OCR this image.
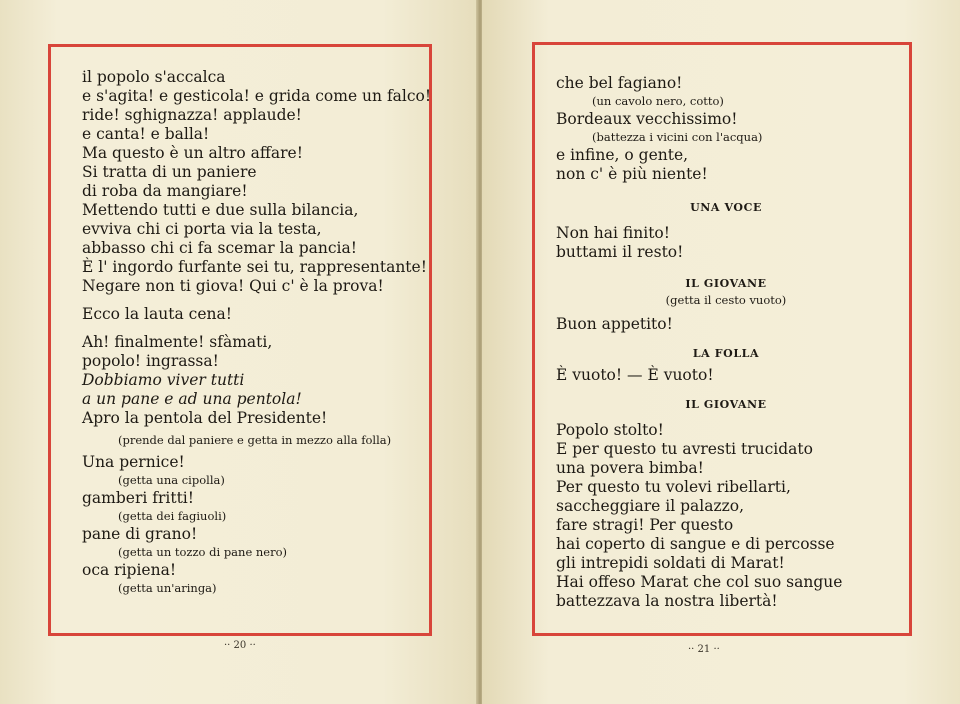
il popolo s'accalca
e s'agita! e gesticola! e grida come un falco!
ride! sghignazza! applaude!
e canta! e balla!
Ma questo è un altro affare!
Si tratta di un paniere
di roba da mangiare!
Mettendo tutti e due sulla bilancia,
evviva chi ci porta via la testa,
abbasso chi ci fa scemar la pancia!
È l' ingordo furfante sei tu, rappresentante!
Negare non ti giova! Qui c' è la prova!
Ecco la lauta cena!
Ah! finalmente! sfàmati,
popolo! ingrassa!
Dobbiamo viver tutti
a un pane e ad una pentola!
Apro la pentola del Presidente!
(prende dal paniere e getta in mezzo alla folla)
Una pernice!
(getta una cipolla)
gamberi fritti!
(getta dei fagiuoli)
pane di grano!
(getta un tozzo di pane nero)
oca ripiena!
(getta un'aringa)
·· 20 ··
che bel fagiano!
(un cavolo nero, cotto)
Bordeaux vecchissimo!
(battezza i vicini con l'acqua)
e infine, o gente,
non c' è più niente!
UNA VOCE
Non hai finito!
buttami il resto!
IL GIOVANE
(getta il cesto vuoto)
Buon appetito!
LA FOLLA
È vuoto! — È vuoto!
IL GIOVANE
Popolo stolto!
E per questo tu avresti trucidato
una povera bimba!
Per questo tu volevi ribellarti,
saccheggiare il palazzo,
fare stragi! Per questo
hai coperto di sangue e di percosse
gli intrepidi soldati di Marat!
Hai offeso Marat che col suo sangue
battezzava la nostra libertà!
·· 21 ··
